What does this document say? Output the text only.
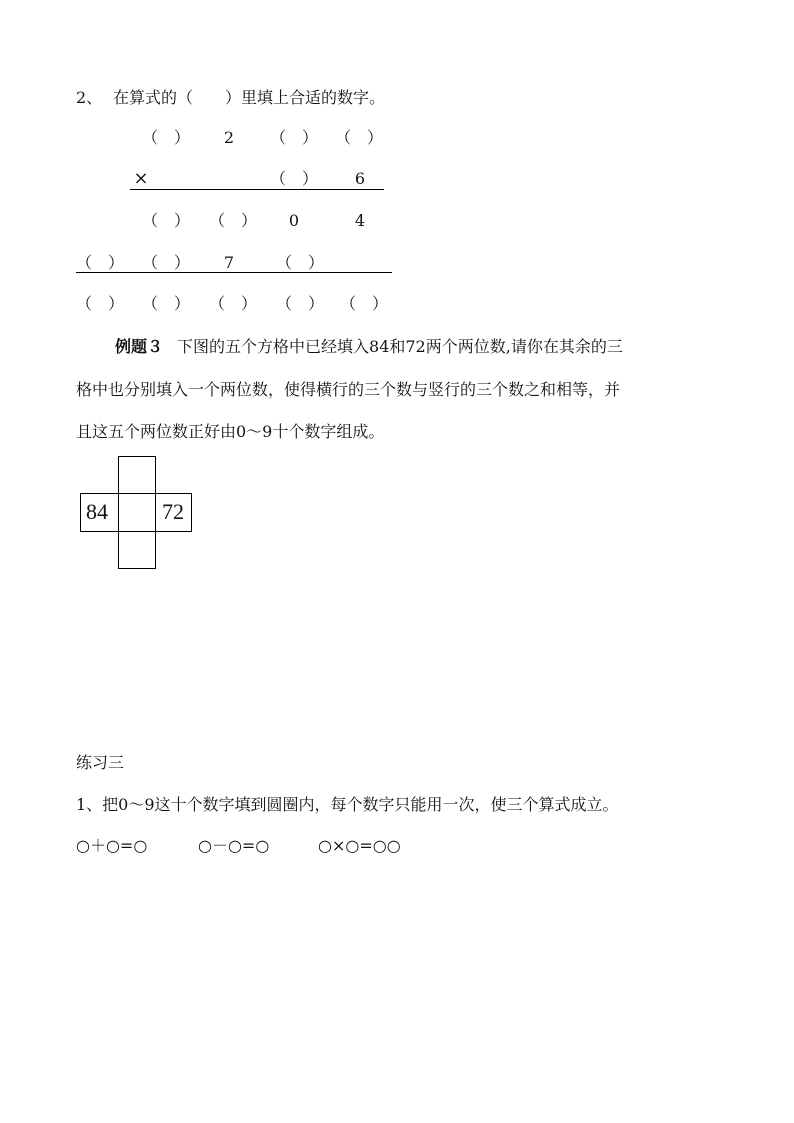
2、 在算式的（　　）里填上合适的数字。
（　）	2	（　） （　）
×	（　）	6
（　） （　）	0	4
（　） （　）	7	（　）
（　） （　） （　） （　） （　）
例题３ 下图的五个方格中已经填入84和72两个两位数,请你在其余的三
格中也分别填入一个两位数，使得横行的三个数与竖行的三个数之和相等，并
且这五个两位数正好由0～9十个数字组成。
84 72
练习三
1、把0～9这十个数字填到圆圈内，每个数字只能用一次，使三个算式成立。
○＋○=○	○－○=○	○×○=○○
